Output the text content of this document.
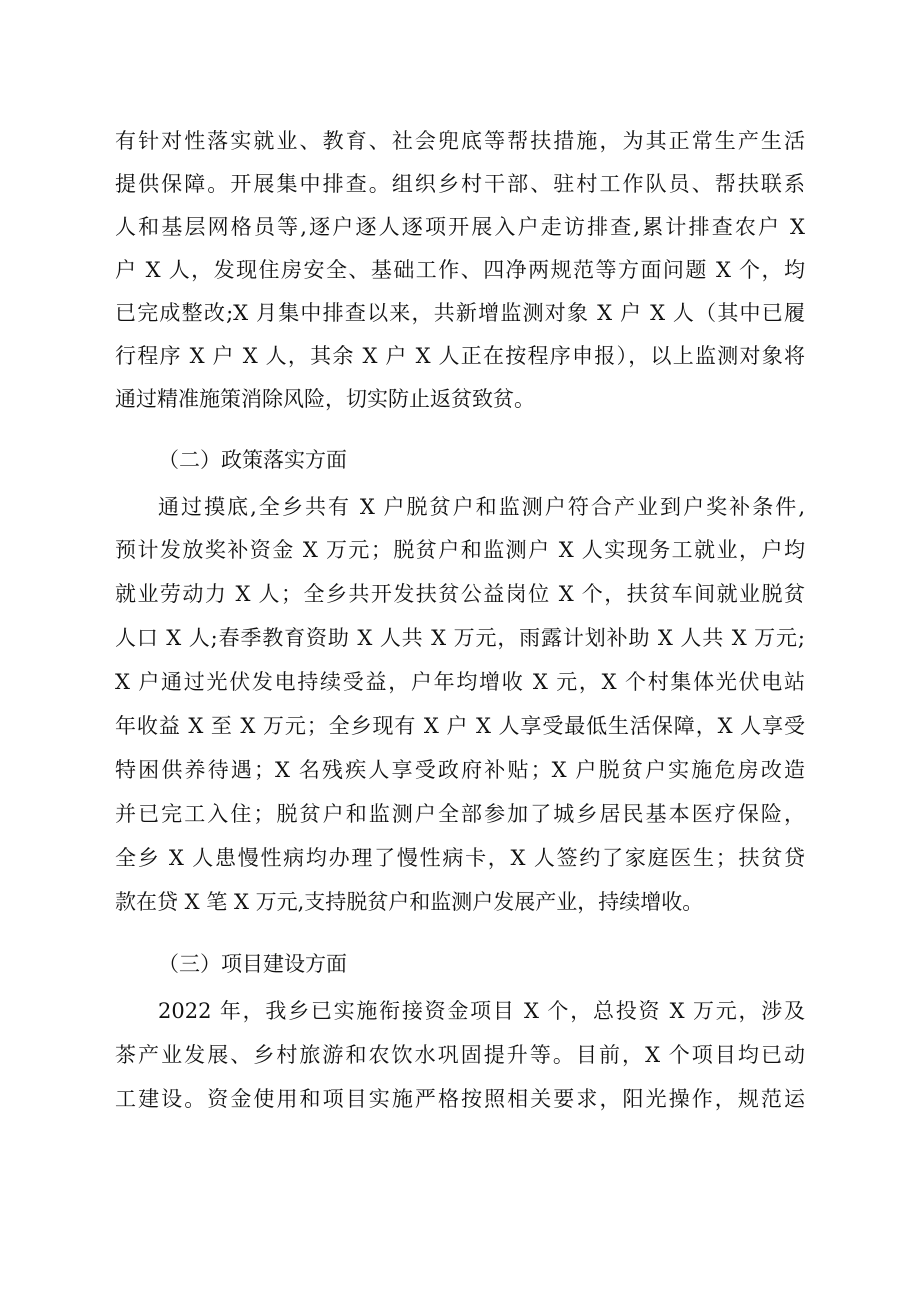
有针对性落实就业、教育、社会兜底等帮扶措施，为其正常生产生活
提供保障。开展集中排查。组织乡村干部、驻村工作队员、帮扶联系
人和基层网格员等,逐户逐人逐项开展入户走访排查,累计排查农户 X
户 X 人，发现住房安全、基础工作、四净两规范等方面问题 X 个，均
已完成整改;X 月集中排查以来，共新增监测对象 X 户 X 人（其中已履
行程序 X 户 X 人，其余 X 户 X 人正在按程序申报），以上监测对象将
通过精准施策消除风险，切实防止返贫致贫。
（二）政策落实方面
通过摸底,全乡共有 X 户脱贫户和监测户符合产业到户奖补条件,
预计发放奖补资金 X 万元；脱贫户和监测户 X 人实现务工就业，户均
就业劳动力 X 人；全乡共开发扶贫公益岗位 X 个，扶贫车间就业脱贫
人口 X 人;春季教育资助 X 人共 X 万元，雨露计划补助 X 人共 X 万元;
X 户通过光伏发电持续受益，户年均增收 X 元，X 个村集体光伏电站
年收益 X 至 X 万元；全乡现有 X 户 X 人享受最低生活保障，X 人享受
特困供养待遇；X 名残疾人享受政府补贴；X 户脱贫户实施危房改造
并已完工入住；脱贫户和监测户全部参加了城乡居民基本医疗保险，
全乡 X 人患慢性病均办理了慢性病卡，X 人签约了家庭医生；扶贫贷
款在贷 X 笔 X 万元,支持脱贫户和监测户发展产业，持续增收。
（三）项目建设方面
2022 年，我乡已实施衔接资金项目 X 个，总投资 X 万元，涉及
茶产业发展、乡村旅游和农饮水巩固提升等。目前，X 个项目均已动
工建设。资金使用和项目实施严格按照相关要求，阳光操作，规范运
